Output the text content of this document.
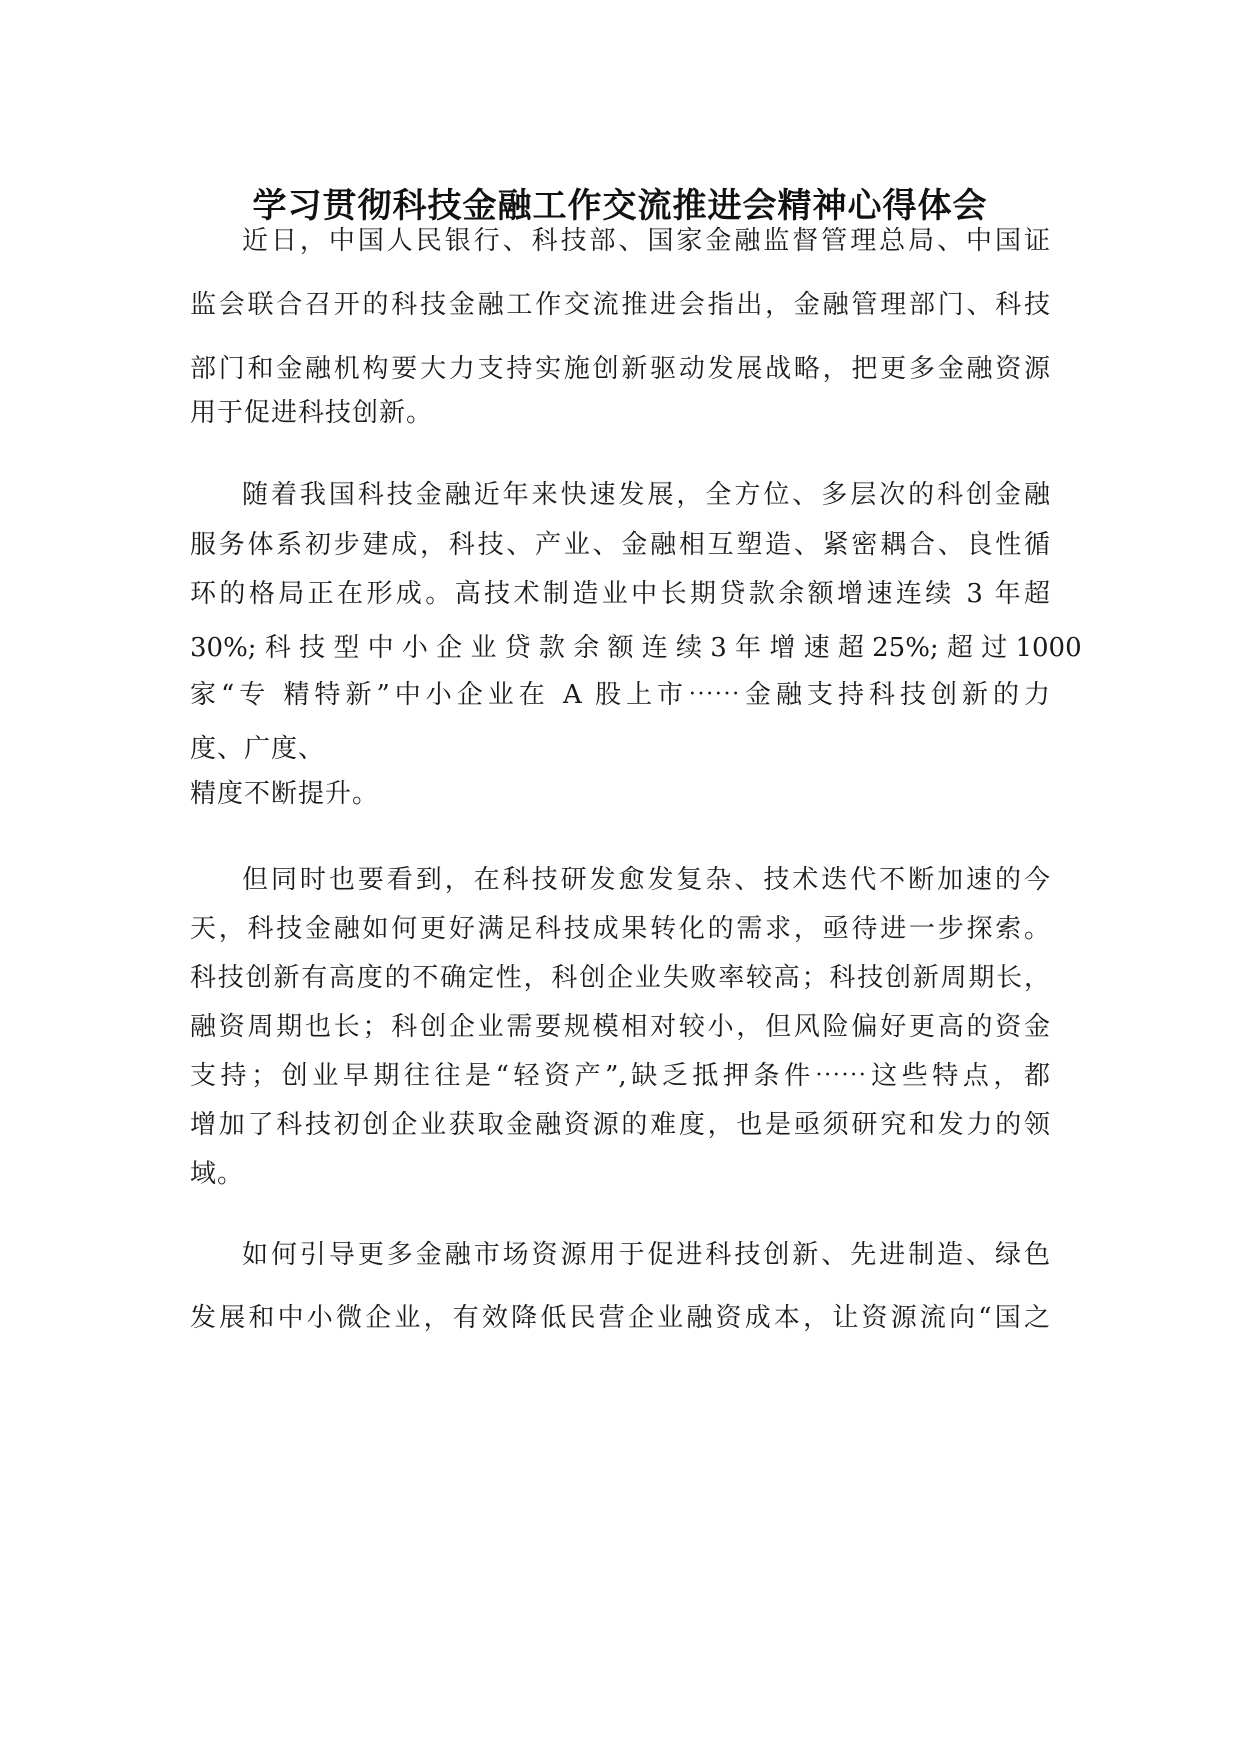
学习贯彻科技金融工作交流推进会精神心得体会
近日，中国人民银行、科技部、国家金融监督管理总局、中国证
监会联合召开的科技金融工作交流推进会指出，金融管理部门、科技
部门和金融机构要大力支持实施创新驱动发展战略，把更多金融资源
用于促进科技创新。
随着我国科技金融近年来快速发展，全方位、多层次的科创金融
服务体系初步建成，科技、产业、金融相互塑造、紧密耦合、良性循
环的格局正在形成。高技术制造业中长期贷款余额增速连续 3 年超
30%; 科 技 型 中 小 企 业 贷 款 余 额 连 续 3 年 增 速 超 25%; 超 过 1000
家“专 精特新”中小企业在 A 股上市⋯⋯金融支持科技创新的力
度、广度、
精度不断提升。
但同时也要看到，在科技研发愈发复杂、技术迭代不断加速的今
天，科技金融如何更好满足科技成果转化的需求，亟待进一步探索。
科技创新有高度的不确定性，科创企业失败率较高；科技创新周期长，
融资周期也长；科创企业需要规模相对较小，但风险偏好更高的资金
支持；创业早期往往是“轻资产”,缺乏抵押条件⋯⋯这些特点，都
增加了科技初创企业获取金融资源的难度，也是亟须研究和发力的领
域。
如何引导更多金融市场资源用于促进科技创新、先进制造、绿色
发展和中小微企业，有效降低民营企业融资成本，让资源流向“国之
